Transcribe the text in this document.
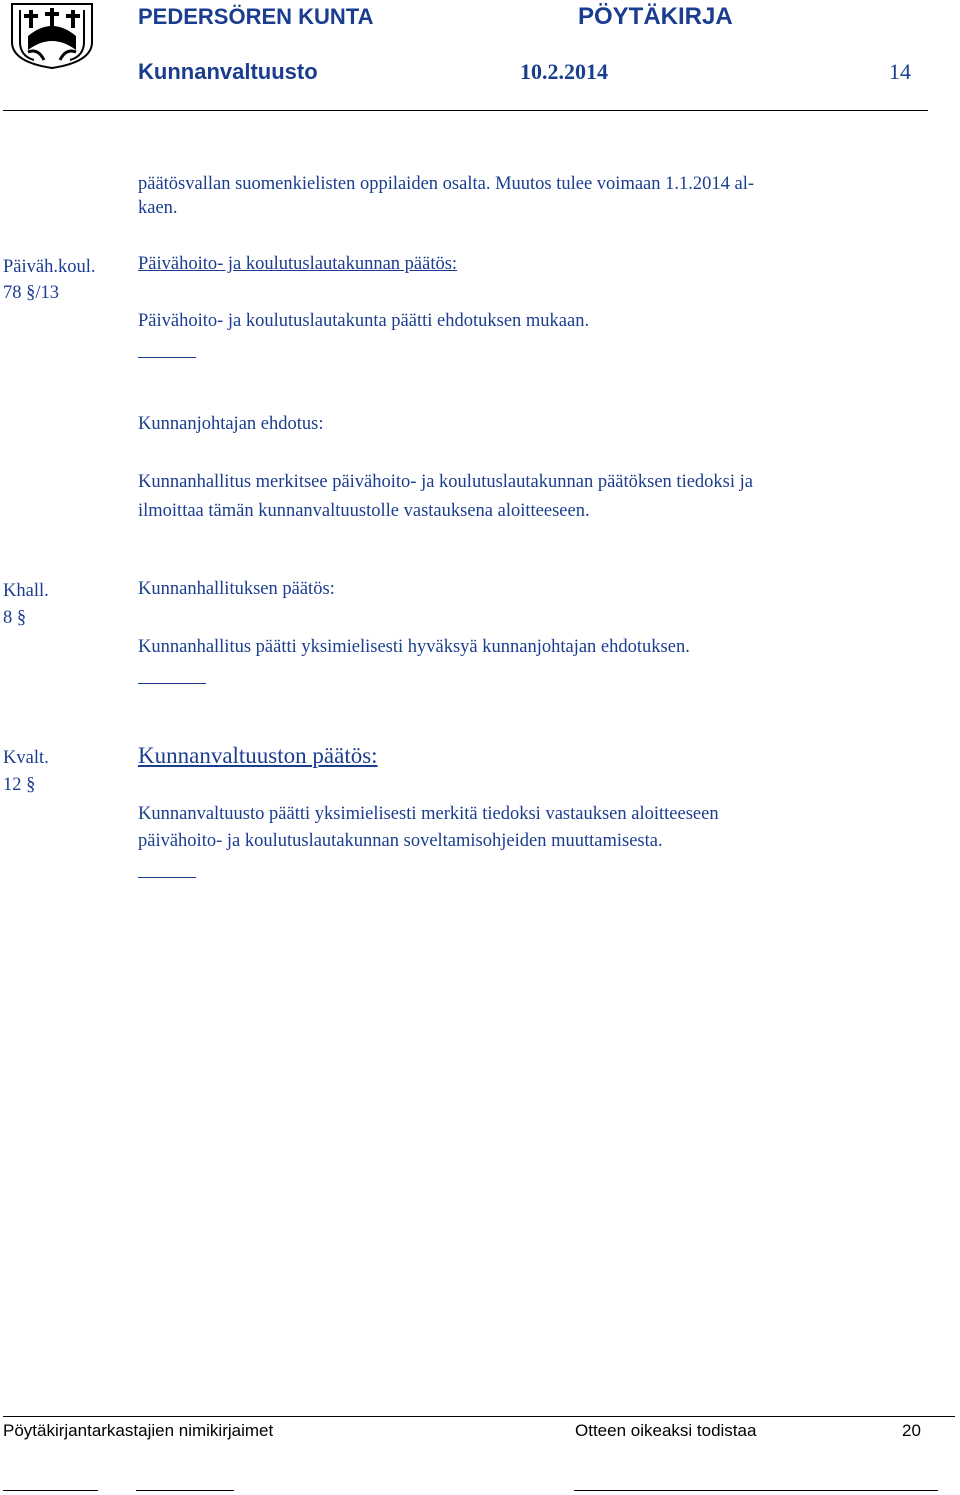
PEDERSÖREN KUNTA	PÖYTÄKIRJA
Kunnanvaltuusto	10.2.2014	14
päätösvallan suomenkielisten oppilaiden osalta. Muutos tulee voimaan 1.1.2014 al-
kaen.
Päiväh.koul.
78 §/13
Päivähoito- ja koulutuslautakunnan päätös:
Päivähoito- ja koulutuslautakunta päätti ehdotuksen mukaan.
Kunnanjohtajan ehdotus:
Kunnanhallitus merkitsee päivähoito- ja koulutuslautakunnan päätöksen tiedoksi ja
ilmoittaa tämän kunnanvaltuustolle vastauksena aloitteeseen.
Khall.
8 §
Kunnanhallituksen päätös:
Kunnanhallitus päätti yksimielisesti hyväksyä kunnanjohtajan ehdotuksen.
Kvalt.
12 §
Kunnanvaltuuston päätös:
Kunnanvaltuusto päätti yksimielisesti merkitä tiedoksi vastauksen aloitteeseen
päivähoito- ja koulutuslautakunnan soveltamisohjeiden muuttamisesta.
Pöytäkirjantarkastajien nimikirjaimet	Otteen oikeaksi todistaa	20
